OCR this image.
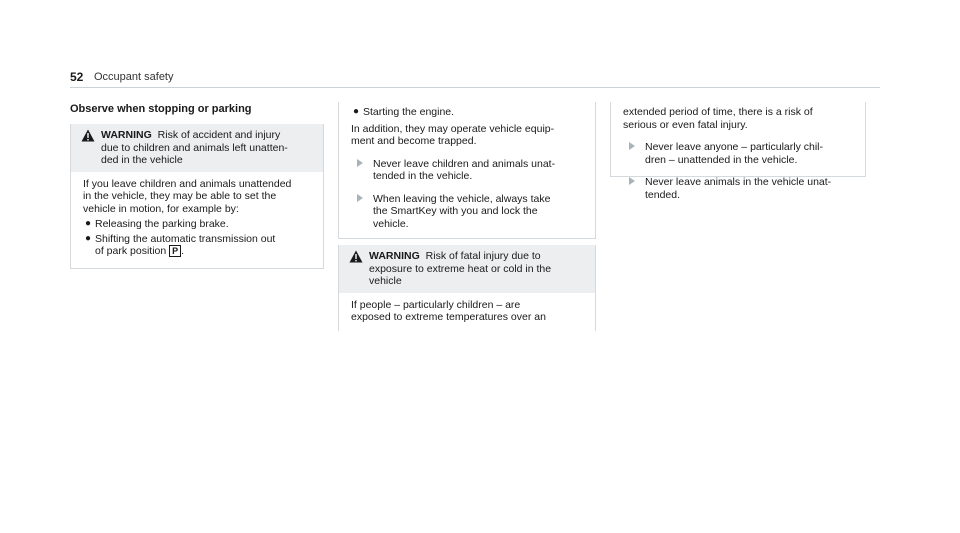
52 Occupant safety
Observe when stopping or parking
WARNING Risk of accident and injury
due to children and animals left unatten-
ded in the vehicle

If you leave children and animals unattended
in the vehicle, they may be able to set the
vehicle in motion, for example by:

● Releasing the parking brake.
● Shifting the automatic transmission out
of park position P .
● Starting the engine.

In addition, they may operate vehicle equip-
ment and become trapped.

Never leave children and animals unat-
tended in the vehicle.
When leaving the vehicle, always take
the SmartKey with you and lock the
vehicle.
WARNING Risk of fatal injury due to
exposure to extreme heat or cold in the
vehicle
If people – particularly children – are
exposed to extreme temperatures over an

extended period of time, there is a risk of
serious or even fatal injury.

Never leave anyone – particularly chil-
dren – unattended in the vehicle.
Never leave animals in the vehicle unat-
tended.
